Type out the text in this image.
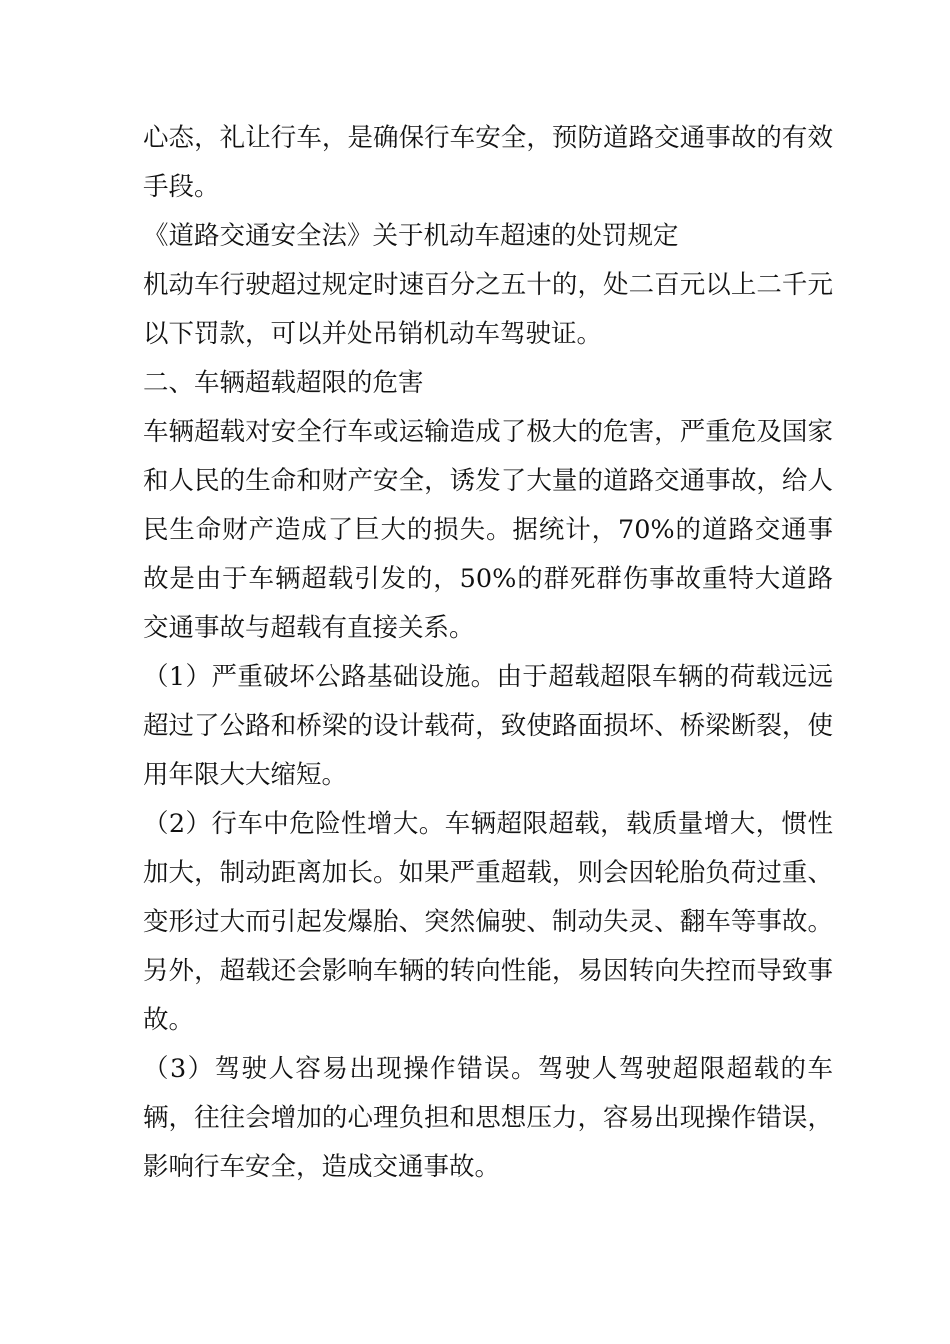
心态，礼让行车，是确保行车安全，预防道路交通事故的有效手段。

《道路交通安全法》关于机动车超速的处罚规定

机动车行驶超过规定时速百分之五十的，处二百元以上二千元以下罚款，可以并处吊销机动车驾驶证。

二、车辆超载超限的危害

车辆超载对安全行车或运输造成了极大的危害，严重危及国家和人民的生命和财产安全，诱发了大量的道路交通事故，给人民生命财产造成了巨大的损失。据统计，70%的道路交通事故是由于车辆超载引发的，50%的群死群伤事故重特大道路交通事故与超载有直接关系。

（1）严重破坏公路基础设施。由于超载超限车辆的荷载远远超过了公路和桥梁的设计载荷，致使路面损坏、桥梁断裂，使用年限大大缩短。

（2）行车中危险性增大。车辆超限超载，载质量增大，惯性加大，制动距离加长。如果严重超载，则会因轮胎负荷过重、变形过大而引起发爆胎、突然偏驶、制动失灵、翻车等事故。另外，超载还会影响车辆的转向性能，易因转向失控而导致事故。

（3）驾驶人容易出现操作错误。驾驶人驾驶超限超载的车辆，往往会增加的心理负担和思想压力，容易出现操作错误，影响行车安全，造成交通事故。
